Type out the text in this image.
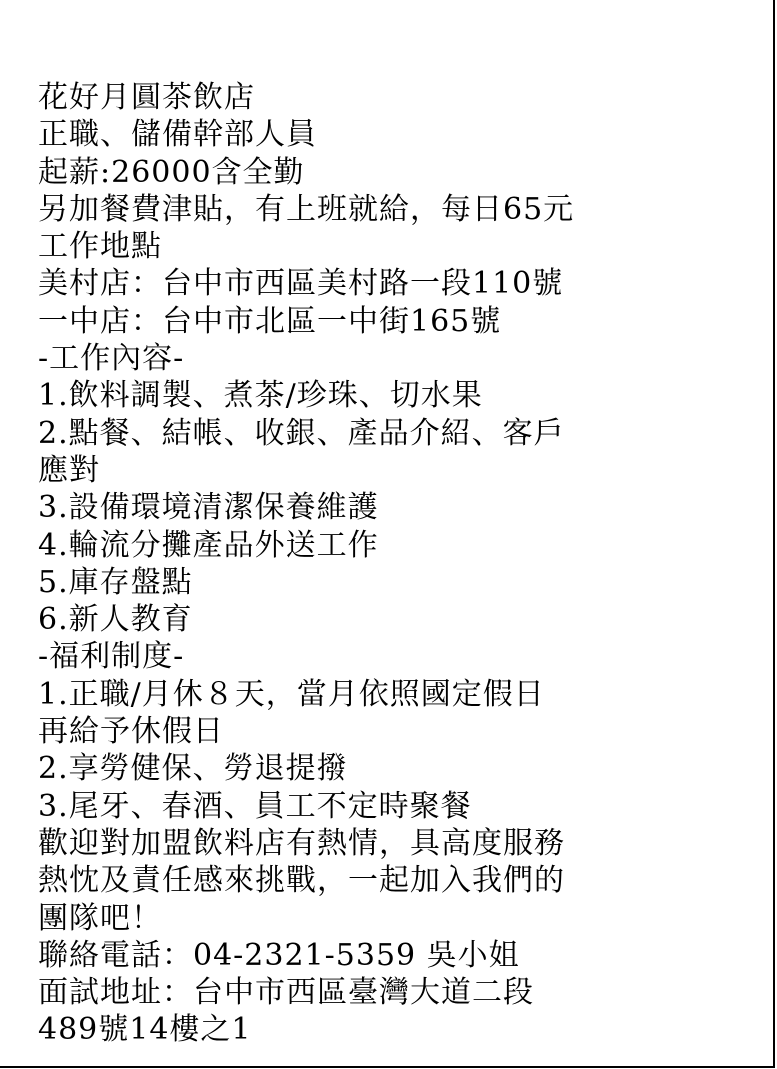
花好月圓茶飲店
正職、儲備幹部人員
起薪:26000含全勤
另加餐費津貼，有上班就給，每日65元
工作地點
美村店：台中市西區美村路一段110號
一中店：台中市北區一中街165號
-工作內容-
1.飲料調製、煮茶/珍珠、切水果
2.點餐、結帳、收銀、產品介紹、客戶
應對
3.設備環境清潔保養維護
4.輪流分攤產品外送工作
5.庫存盤點
6.新人教育
-福利制度-
1.正職/月休８天，當月依照國定假日
再給予休假日
2.享勞健保、勞退提撥
3.尾牙、春酒、員工不定時聚餐
歡迎對加盟飲料店有熱情，具高度服務
熱忱及責任感來挑戰，一起加入我們的
團隊吧！
聯絡電話：04-2321-5359 吳小姐
面試地址：台中市西區臺灣大道二段
489號14樓之1
